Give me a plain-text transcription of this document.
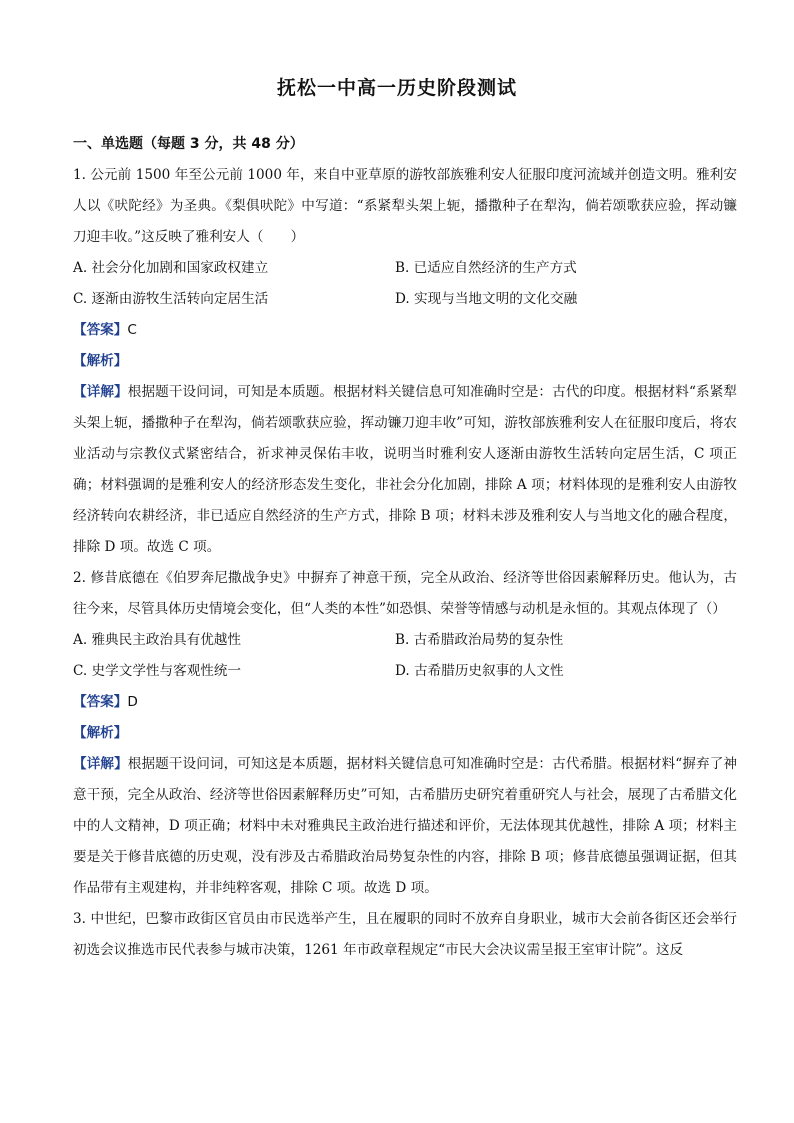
抚松一中高一历史阶段测试
一、单选题（每题 3 分，共 48 分）

1. 公元前 1500 年至公元前 1000 年，来自中亚草原的游牧部族雅利安人征服印度河流域并创造文明。雅利安人以《吠陀经》为圣典。《梨俱吠陀》中写道：“系紧犁头架上轭，播撒种子在犁沟，倘若颂歌获应验，挥动镰刀迎丰收。”这反映了雅利安人（　　）

A. 社会分化加剧和国家政权建立	B. 已适应自然经济的生产方式
C. 逐渐由游牧生活转向定居生活	D. 实现与当地文明的文化交融
【答案】C
【解析】

【详解】根据题干设问词，可知是本质题。根据材料关键信息可知准确时空是：古代的印度。根据材料“系紧犁头架上轭，播撒种子在犁沟，倘若颂歌获应验，挥动镰刀迎丰收”可知，游牧部族雅利安人在征服印度后，将农业活动与宗教仪式紧密结合，祈求神灵保佑丰收，说明当时雅利安人逐渐由游牧生活转向定居生活，C 项正确；材料强调的是雅利安人的经济形态发生变化，非社会分化加剧，排除 A 项；材料体现的是雅利安人由游牧经济转向农耕经济，非已适应自然经济的生产方式，排除 B 项；材料未涉及雅利安人与当地文化的融合程度，排除 D 项。故选 C 项。

2. 修昔底德在《伯罗奔尼撒战争史》中摒弃了神意干预，完全从政治、经济等世俗因素解释历史。他认为，古往今来，尽管具体历史情境会变化，但“人类的本性”如恐惧、荣誉等情感与动机是永恒的。其观点体现了（）

A. 雅典民主政治具有优越性	B. 古希腊政治局势的复杂性
C. 史学文学性与客观性统一	D. 古希腊历史叙事的人文性
【答案】D
【解析】

【详解】根据题干设问词，可知这是本质题，据材料关键信息可知准确时空是：古代希腊。根据材料“摒弃了神意干预，完全从政治、经济等世俗因素解释历史”可知，古希腊历史研究着重研究人与社会，展现了古希腊文化中的人文精神，D 项正确；材料中未对雅典民主政治进行描述和评价，无法体现其优越性，排除 A 项；材料主要是关于修昔底德的历史观，没有涉及古希腊政治局势复杂性的内容，排除 B 项；修昔底德虽强调证据，但其作品带有主观建构，并非纯粹客观，排除 C 项。故选 D 项。

3. 中世纪，巴黎市政街区官员由市民选举产生，且在履职的同时不放弃自身职业，城市大会前各街区还会举行初选会议推选市民代表参与城市决策，1261 年市政章程规定“市民大会决议需呈报王室审计院”。这反
